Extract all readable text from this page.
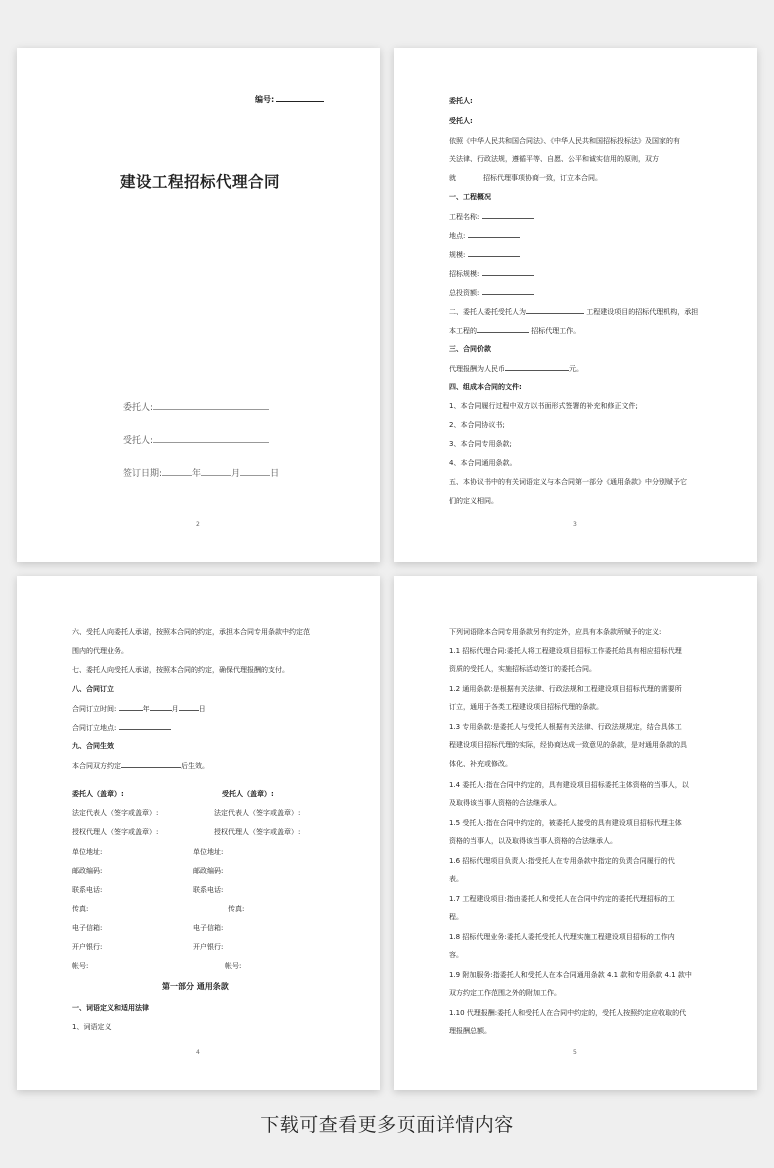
编号:
建设工程招标代理合同
委托人:
受托人:
签订日期:	年	月	日
2
委托人:
受托人:
依照《中华人民共和国合同法》、《中华人民共和国招标投标法》及国家的有
关法律、行政法规，遵循平等、自愿、公平和诚实信用的原则，双方
就	招标代理事项协商一致，订立本合同。
一、工程概况
工程名称:
地点:
规模:
招标规模:
总投资额:
二、委托人委托受托人为	工程建设项目的招标代理机构，承担
本工程的	招标代理工作。
三、合同价款
代理报酬为人民币	元。
四、组成本合同的文件:
1、本合同履行过程中双方以书面形式签署的补充和修正文件;
2、本合同协议书;
3、本合同专用条款;
4、本合同通用条款。
五、本协议书中的有关词语定义与本合同第一部分《通用条款》中分别赋予它
们的定义相同。
3
六、受托人向委托人承诺，按照本合同的约定，承担本合同专用条款中约定范
围内的代理业务。
七、委托人向受托人承诺，按照本合同的约定，确保代理报酬的支付。
八、合同订立
合同订立时间:	年	月	日
合同订立地点:
九、合同生效
本合同双方约定	后生效。
委托人（盖章）:	受托人（盖章）:
法定代表人（签字或盖章）:	法定代表人（签字或盖章）:
授权代理人（签字或盖章）:	授权代理人（签字或盖章）:
单位地址:	单位地址:
邮政编码:	邮政编码:
联系电话:	联系电话:
传真:	传真:
电子信箱:	电子信箱:
开户银行:	开户银行:
帐号:	帐号:
第一部分 通用条款
一、词语定义和适用法律
1、词语定义
4
下列词语除本合同专用条款另有约定外，应具有本条款所赋予的定义:
1.1 招标代理合同:委托人将工程建设项目招标工作委托给具有相应招标代理
资质的受托人，实施招标活动签订的委托合同。
1.2 通用条款:是根据有关法律、行政法规和工程建设项目招标代理的需要所
订立，通用于各类工程建设项目招标代理的条款。
1.3 专用条款:是委托人与受托人根据有关法律、行政法规规定，结合具体工
程建设项目招标代理的实际，经协商达成一致意见的条款，是对通用条款的具
体化、补充或修改。
1.4 委托人:指在合同中约定的，具有建设项目招标委托主体资格的当事人，以
及取得该当事人资格的合法继承人。
1.5 受托人:指在合同中约定的，被委托人接受的具有建设项目招标代理主体
资格的当事人，以及取得该当事人资格的合法继承人。
1.6 招标代理项目负责人:指受托人在专用条款中指定的负责合同履行的代
表。
1.7 工程建设项目:指由委托人和受托人在合同中约定的委托代理招标的工
程。
1.8 招标代理业务:委托人委托受托人代理实施工程建设项目招标的工作内
容。
1.9 附加服务:指委托人和受托人在本合同通用条款 4.1 款和专用条款 4.1 款中
双方约定工作范围之外的附加工作。
1.10 代理报酬:委托人和受托人在合同中约定的，受托人按照约定应收取的代
理报酬总额。
5
下载可查看更多页面详情内容
